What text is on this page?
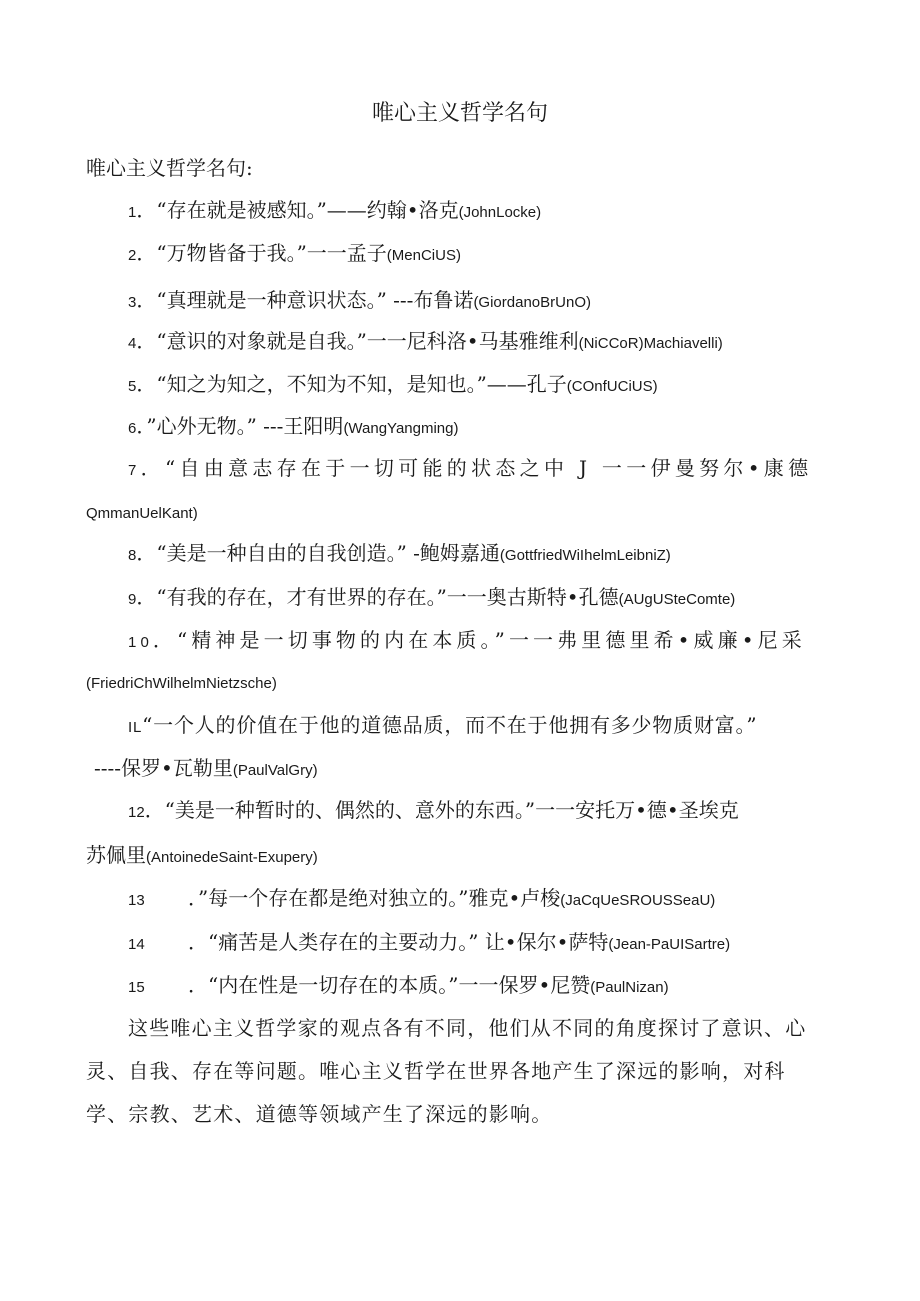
唯心主义哲学名句
唯心主义哲学名句:
1．“存在就是被感知。”——约翰•洛克(JohnLocke)
2．“万物皆备于我。”一一孟子(MenCiUS)
3．“真理就是一种意识状态。” ---布鲁诺(GiordanoBrUnO)
4．“意识的对象就是自我。”一一尼科洛•马基雅维利(NiCCoR)Machiavelli)
5．“知之为知之，不知为不知，是知也。”——孔子(COnfUCiUS)
6．”心外无物。” ---王阳明(WangYangming)
7．“自由意志存在于一切可能的状态之中 J 一一伊曼努尔•康德
QmmanUelKant)
8．“美是一种自由的自我创造。” -鲍姆嘉通(GottfriedWiIhelmLeibniZ)
9．“有我的存在，才有世界的存在。”一一奥古斯特•孔德(AUgUSteComte)
10．“精神是一切事物的内在本质。”一一弗里德里希•威廉•尼采
(FriedriChWilhelmNietzsche)
IL“一个人的价值在于他的道德品质，而不在于他拥有多少物质财富。”
----保罗•瓦勒里(PaulValGry)
12．“美是一种暂时的、偶然的、意外的东西。”一一安托万•德•圣埃克
苏佩里(AntoinedeSaint-Exupery)
13 ．”每一个存在都是绝对独立的。”雅克•卢梭(JaCqUeSROUSSeaU)
14 ．“痛苦是人类存在的主要动力。” 让•保尔•萨特(Jean-PaUISartre)
15 ．“内在性是一切存在的本质。”一一保罗•尼赞(PaulNizan)
这些唯心主义哲学家的观点各有不同，他们从不同的角度探讨了意识、心
灵、自我、存在等问题。唯心主义哲学在世界各地产生了深远的影响，对科
学、宗教、艺术、道德等领域产生了深远的影响。
